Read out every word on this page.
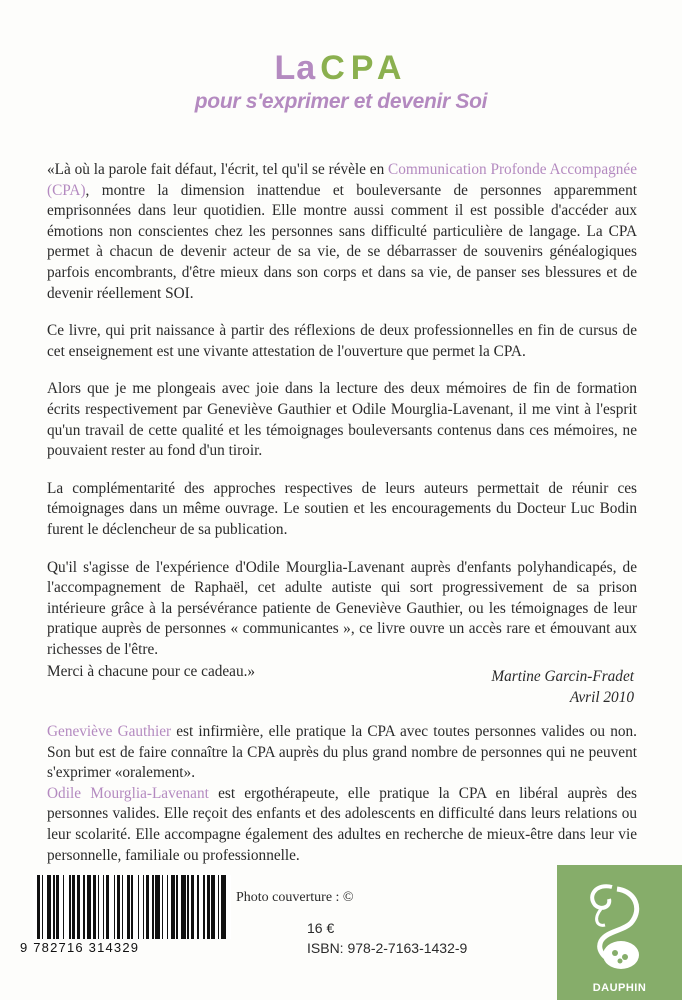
La CPA
pour s'exprimer et devenir Soi

«Là où la parole fait défaut, l'écrit, tel qu'il se révèle en Communication Profonde Accompagnée (CPA), montre la dimension inattendue et bouleversante de personnes apparemment emprisonnées dans leur quotidien. Elle montre aussi comment il est possible d'accéder aux émotions non conscientes chez les personnes sans difficulté particulière de langage. La CPA permet à chacun de devenir acteur de sa vie, de se débarrasser de souvenirs généalogiques parfois encombrants, d'être mieux dans son corps et dans sa vie, de panser ses blessures et de devenir réellement SOI.

Ce livre, qui prit naissance à partir des réflexions de deux professionnelles en fin de cursus de cet enseignement est une vivante attestation de l'ouverture que permet la CPA.

Alors que je me plongeais avec joie dans la lecture des deux mémoires de fin de formation écrits respectivement par Geneviève Gauthier et Odile Mourglia-Lavenant, il me vint à l'esprit qu'un travail de cette qualité et les témoignages bouleversants contenus dans ces mémoires, ne pouvaient rester au fond d'un tiroir.

La complémentarité des approches respectives de leurs auteurs permettait de réunir ces témoignages dans un même ouvrage. Le soutien et les encouragements du Docteur Luc Bodin furent le déclencheur de sa publication.

Qu'il s'agisse de l'expérience d'Odile Mourglia-Lavenant auprès d'enfants polyhandicapés, de l'accompagnement de Raphaël, cet adulte autiste qui sort progressivement de sa prison intérieure grâce à la persévérance patiente de Geneviève Gauthier, ou les témoignages de leur pratique auprès de personnes « communicantes », ce livre ouvre un accès rare et émouvant aux richesses de l'être.

Merci à chacune pour ce cadeau.»	Martine Garcin-Fradet
Avril 2010

Geneviève Gauthier est infirmière, elle pratique la CPA avec toutes personnes valides ou non. Son but est de faire connaître la CPA auprès du plus grand nombre de personnes qui ne peuvent s'exprimer «oralement».

Odile Mourglia-Lavenant est ergothérapeute, elle pratique la CPA en libéral auprès des personnes valides. Elle reçoit des enfants et des adolescents en difficulté dans leurs relations ou leur scolarité. Elle accompagne également des adultes en recherche de mieux-être dans leur vie personnelle, familiale ou professionnelle.

9 782716 314329
Photo couverture : ©
16 €
ISBN: 978-2-7163-1432-9
DAUPHIN
